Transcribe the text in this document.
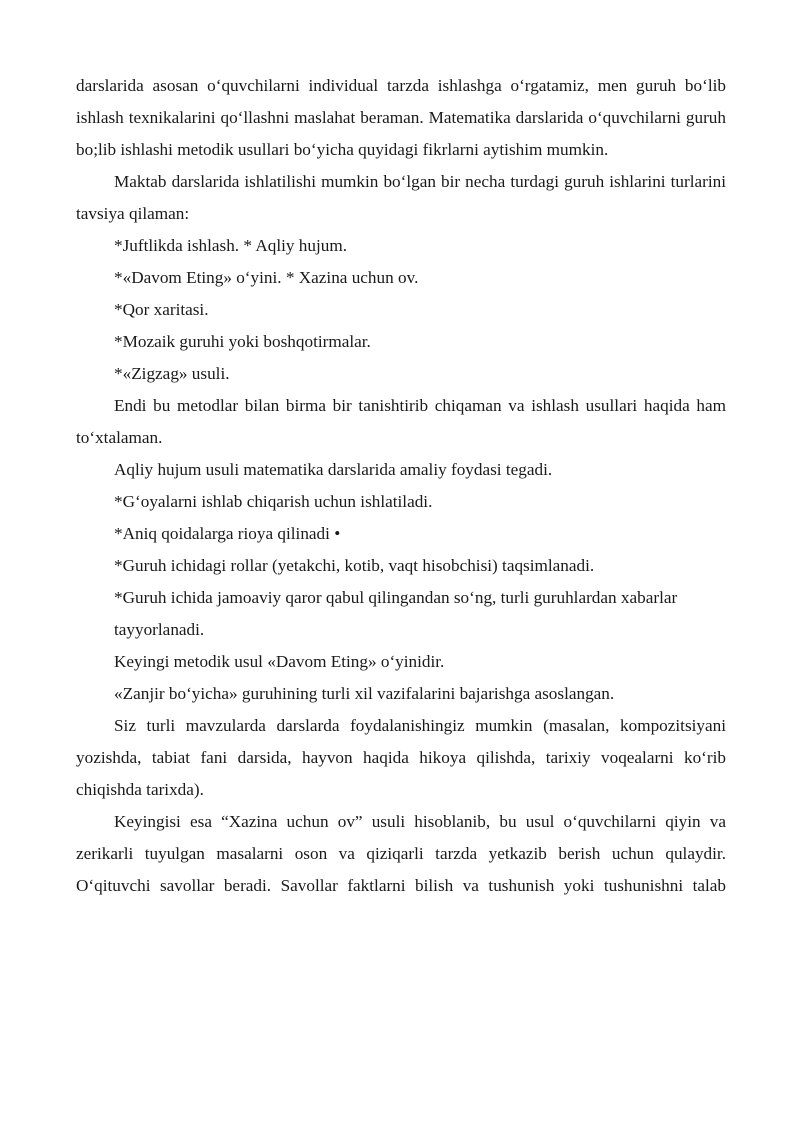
darslarida asosan o‘quvchilarni individual tarzda ishlashga o‘rgatamiz, men guruh bo‘lib ishlash texnikalarini qo‘llashni maslahat beraman. Matematika darslarida o‘quvchilarni guruh bo;lib ishlashi metodik usullari bo‘yicha quyidagi fikrlarni aytishim mumkin.

Maktab darslarida ishlatilishi mumkin bo‘lgan bir necha turdagi guruh ishlarini turlarini tavsiya qilaman:

*Juftlikda ishlash. * Aqliy hujum.

*«Davom Eting» o‘yini. * Xazina uchun ov.

*Qor xaritasi.

*Mozaik guruhi yoki boshqotirmalar.

*«Zigzag» usuli.

Endi bu metodlar bilan birma bir tanishtirib chiqaman va ishlash usullari haqida ham to‘xtalaman.

Aqliy hujum usuli matematika darslarida amaliy foydasi tegadi.

*G‘oyalarni ishlab chiqarish uchun ishlatiladi.

*Aniq qoidalarga rioya qilinadi •

*Guruh ichidagi rollar (yetakchi, kotib, vaqt hisobchisi) taqsimlanadi.

*Guruh ichida jamoaviy qaror qabul qilingandan so‘ng, turli guruhlardan xabarlar tayyorlanadi.

Keyingi metodik usul «Davom Eting» o‘yinidir.

«Zanjir bo‘yicha» guruhining turli xil vazifalarini bajarishga asoslangan.

Siz turli mavzularda darslarda foydalanishingiz mumkin (masalan, kompozitsiyani yozishda, tabiat fani darsida, hayvon haqida hikoya qilishda, tarixiy voqealarni ko‘rib chiqishda tarixda).

Keyingisi esa “Xazina uchun ov” usuli hisoblanib, bu usul o‘quvchilarni qiyin va zerikarli tuyulgan masalarni oson va qiziqarli tarzda yetkazib berish uchun qulaydir. O‘qituvchi savollar beradi. Savollar faktlarni bilish va tushunish yoki tushunishni talab
